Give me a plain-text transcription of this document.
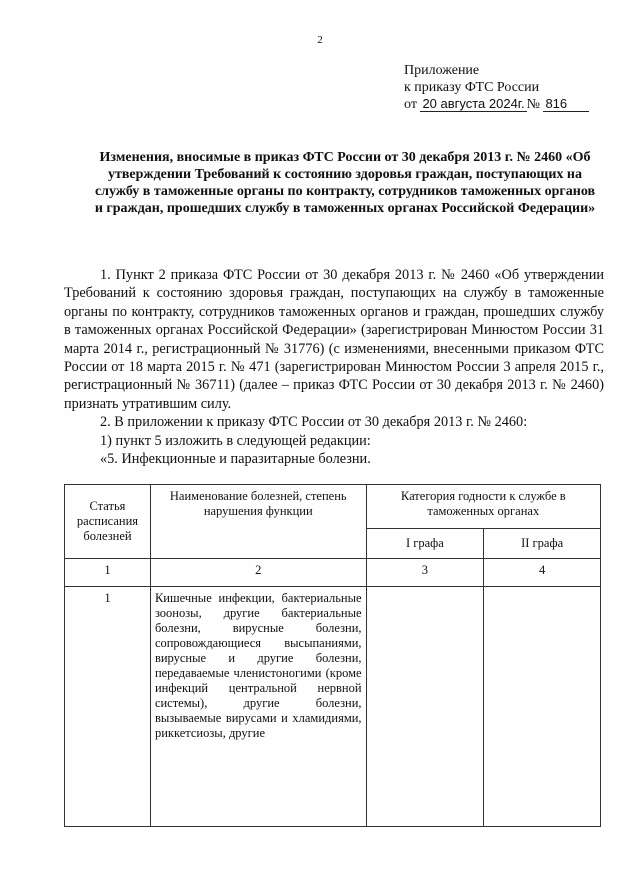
2
Приложение
к приказу ФТС России
от 20 августа 2024г. № 816
Изменения, вносимые в приказ ФТС России от 30 декабря 2013 г. № 2460 «Об утверждении Требований к состоянию здоровья граждан, поступающих на службу в таможенные органы по контракту, сотрудников таможенных органов и граждан, прошедших службу в таможенных органах Российской Федерации»

1. Пункт 2 приказа ФТС России от 30 декабря 2013 г. № 2460 «Об утверждении Требований к состоянию здоровья граждан, поступающих на службу в таможенные органы по контракту, сотрудников таможенных органов и граждан, прошедших службу в таможенных органах Российской Федерации» (зарегистрирован Минюстом России 31 марта 2014 г., регистрационный № 31776) (с изменениями, внесенными приказом ФТС России от 18 марта 2015 г. № 471 (зарегистрирован Минюстом России 3 апреля 2015 г., регистрационный № 36711) (далее – приказ ФТС России от 30 декабря 2013 г. № 2460) признать утратившим силу.

2. В приложении к приказу ФТС России от 30 декабря 2013 г. № 2460:

1) пункт 5 изложить в следующей редакции:

«5. Инфекционные и паразитарные болезни.

Статья расписания болезней	Наименование болезней, степень нарушения функции	Категория годности к службе в таможенных органах	
		I графа	II графа
1	2	3	4
1	Кишечные инфекции, бактериальные зоонозы, другие бактериальные болезни, вирусные болезни, сопровождающиеся высыпаниями, вирусные и другие болезни, передаваемые членистоногими (кроме инфекций центральной нервной системы), другие болезни, вызываемые вирусами и хламидиями, риккетсиозы, другие		
